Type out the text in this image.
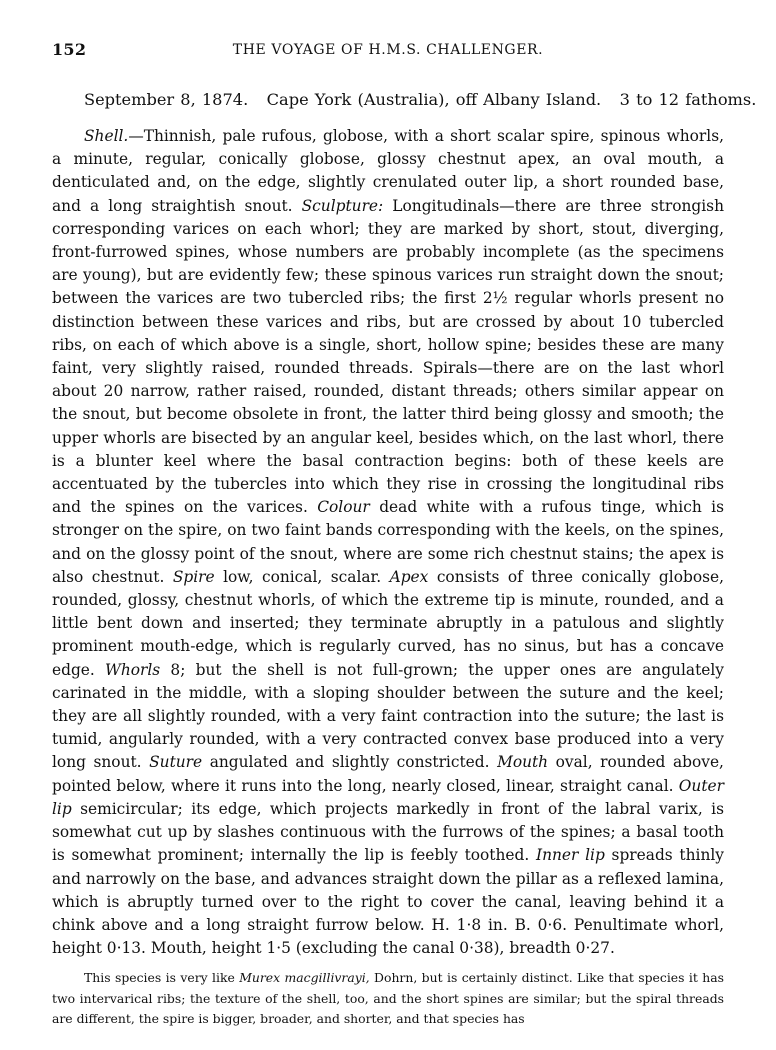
152	THE VOYAGE OF H.M.S. CHALLENGER.

September 8, 1874. Cape York (Australia), off Albany Island. 3 to 12 fathoms.

Shell.—Thinnish, pale rufous, globose, with a short scalar spire, spinous whorls, a minute, regular, conically globose, glossy chestnut apex, an oval mouth, a denticulated and, on the edge, slightly crenulated outer lip, a short rounded base, and a long straightish snout. Sculpture: Longitudinals—there are three strongish corresponding varices on each whorl; they are marked by short, stout, diverging, front-furrowed spines, whose numbers are probably incomplete (as the specimens are young), but are evidently few; these spinous varices run straight down the snout; between the varices are two tubercled ribs; the first 2½ regular whorls present no distinction between these varices and ribs, but are crossed by about 10 tubercled ribs, on each of which above is a single, short, hollow spine; besides these are many faint, very slightly raised, rounded threads. Spirals—there are on the last whorl about 20 narrow, rather raised, rounded, distant threads; others similar appear on the snout, but become obsolete in front, the latter third being glossy and smooth; the upper whorls are bisected by an angular keel, besides which, on the last whorl, there is a blunter keel where the basal contraction begins: both of these keels are accentuated by the tubercles into which they rise in crossing the longitudinal ribs and the spines on the varices. Colour dead white with a rufous tinge, which is stronger on the spire, on two faint bands corresponding with the keels, on the spines, and on the glossy point of the snout, where are some rich chestnut stains; the apex is also chestnut. Spire low, conical, scalar. Apex consists of three conically globose, rounded, glossy, chestnut whorls, of which the extreme tip is minute, rounded, and a little bent down and inserted; they terminate abruptly in a patulous and slightly prominent mouth-edge, which is regularly curved, has no sinus, but has a concave edge. Whorls 8; but the shell is not full-grown; the upper ones are angulately carinated in the middle, with a sloping shoulder between the suture and the keel; they are all slightly rounded, with a very faint contraction into the suture; the last is tumid, angularly rounded, with a very contracted convex base produced into a very long snout. Suture angulated and slightly constricted. Mouth oval, rounded above, pointed below, where it runs into the long, nearly closed, linear, straight canal. Outer lip semicircular; its edge, which projects markedly in front of the labral varix, is somewhat cut up by slashes continuous with the furrows of the spines; a basal tooth is somewhat prominent; internally the lip is feebly toothed. Inner lip spreads thinly and narrowly on the base, and advances straight down the pillar as a reflexed lamina, which is abruptly turned over to the right to cover the canal, leaving behind it a chink above and a long straight furrow below. H. 1·8 in. B. 0·6. Penultimate whorl, height 0·13. Mouth, height 1·5 (excluding the canal 0·38), breadth 0·27.

This species is very like Murex macgillivrayi, Dohrn, but is certainly distinct. Like that species it has two intervarical ribs; the texture of the shell, too, and the short spines are similar; but the spiral threads are different, the spire is bigger, broader, and shorter, and that species has
